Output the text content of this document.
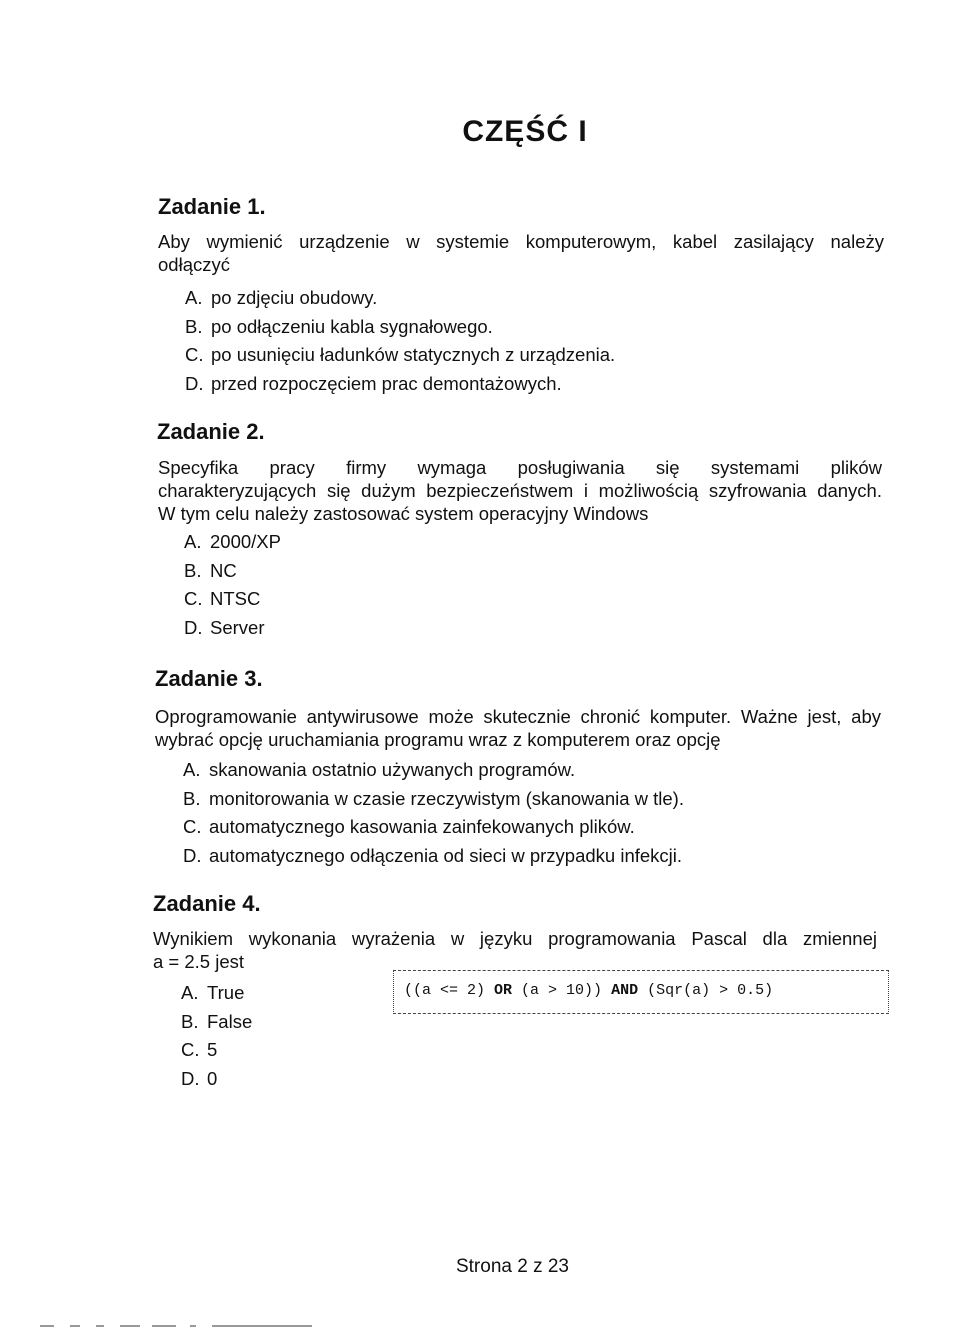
CZĘŚĆ I
Zadanie 1.
Aby wymienić urządzenie w systemie komputerowym, kabel zasilający należy
odłączyć
A. po zdjęciu obudowy.
B. po odłączeniu kabla sygnałowego.
C. po usunięciu ładunków statycznych z urządzenia.
D. przed rozpoczęciem prac demontażowych.
Zadanie 2.
Specyfika pracy firmy wymaga posługiwania się systemami plików
charakteryzujących się dużym bezpieczeństwem i możliwością szyfrowania danych.
W tym celu należy zastosować system operacyjny Windows
A. 2000/XP
B. NC
C. NTSC
D. Server
Zadanie 3.
Oprogramowanie antywirusowe może skutecznie chronić komputer. Ważne jest, aby
wybrać opcję uruchamiania programu wraz z komputerem oraz opcję
A. skanowania ostatnio używanych programów.
B. monitorowania w czasie rzeczywistym (skanowania w tle).
C. automatycznego kasowania zainfekowanych plików.
D. automatycznego odłączenia od sieci w przypadku infekcji.
Zadanie 4.
Wynikiem wykonania wyrażenia w języku programowania Pascal dla zmiennej
a = 2.5 jest
A. True
B. False
C. 5
D. 0
((a <= 2) OR (a > 10)) AND (Sqr(a) > 0.5)
Strona 2 z 23
